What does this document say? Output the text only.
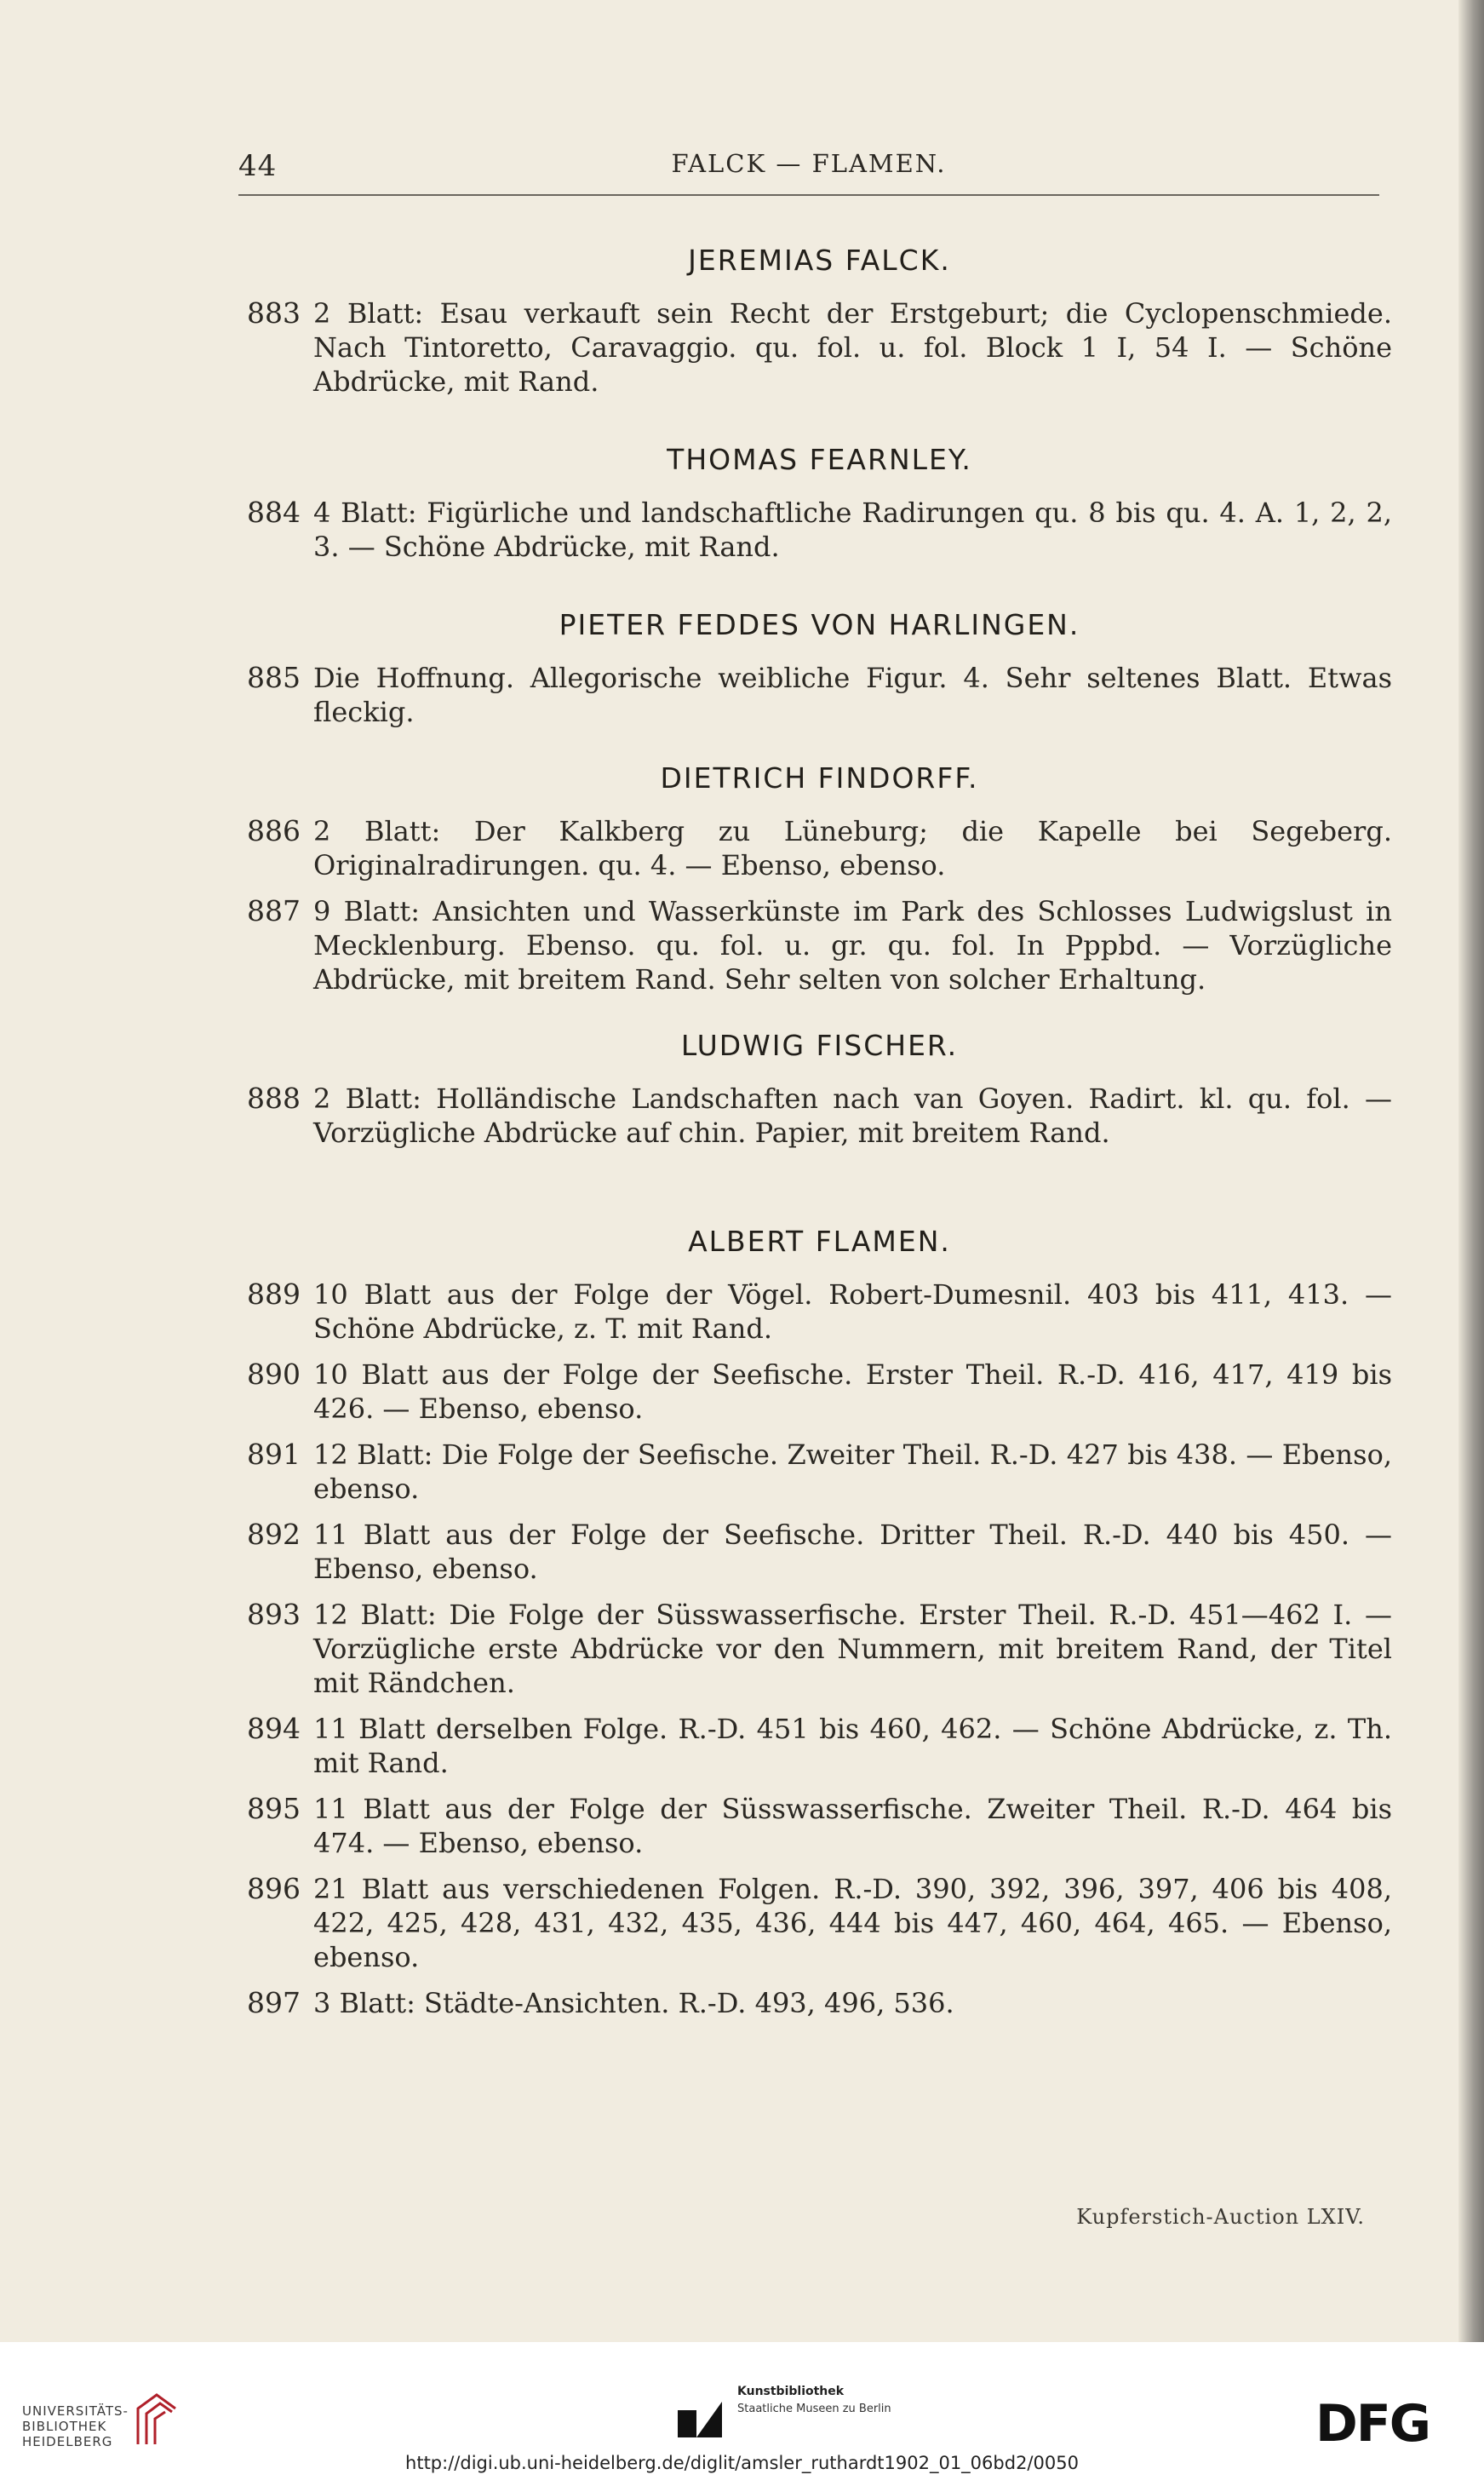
44	FALCK — FLAMEN.
JEREMIAS FALCK.
883 2 Blatt: Esau verkauft sein Recht der Erstgeburt; die Cyclopenschmiede. Nach Tintoretto, Caravaggio. qu. fol. u. fol. Block 1 I, 54 I. — Schöne Abdrücke, mit Rand.
THOMAS FEARNLEY.
884 4 Blatt: Figürliche und landschaftliche Radirungen qu. 8 bis qu. 4. A. 1, 2, 2, 3. — Schöne Abdrücke, mit Rand.
PIETER FEDDES VON HARLINGEN.
885 Die Hoffnung. Allegorische weibliche Figur. 4. Sehr seltenes Blatt. Etwas fleckig.
DIETRICH FINDORFF.
886 2 Blatt: Der Kalkberg zu Lüneburg; die Kapelle bei Segeberg. Originalradirungen. qu. 4. — Ebenso, ebenso.
887 9 Blatt: Ansichten und Wasserkünste im Park des Schlosses Ludwigslust in Mecklenburg. Ebenso. qu. fol. u. gr. qu. fol. In Pppbd. — Vorzügliche Abdrücke, mit breitem Rand. Sehr selten von solcher Erhaltung.
LUDWIG FISCHER.
888 2 Blatt: Holländische Landschaften nach van Goyen. Radirt. kl. qu. fol. — Vorzügliche Abdrücke auf chin. Papier, mit breitem Rand.
ALBERT FLAMEN.
889 10 Blatt aus der Folge der Vögel. Robert-Dumesnil. 403 bis 411, 413. — Schöne Abdrücke, z. T. mit Rand.
890 10 Blatt aus der Folge der Seefische. Erster Theil. R.-D. 416, 417, 419 bis 426. — Ebenso, ebenso.
891 12 Blatt: Die Folge der Seefische. Zweiter Theil. R.-D. 427 bis 438. — Ebenso, ebenso.
892 11 Blatt aus der Folge der Seefische. Dritter Theil. R.-D. 440 bis 450. — Ebenso, ebenso.
893 12 Blatt: Die Folge der Süsswasserfische. Erster Theil. R.-D. 451—462 I. — Vorzügliche erste Abdrücke vor den Nummern, mit breitem Rand, der Titel mit Rändchen.
894 11 Blatt derselben Folge. R.-D. 451 bis 460, 462. — Schöne Abdrücke, z. Th. mit Rand.
895 11 Blatt aus der Folge der Süsswasserfische. Zweiter Theil. R.-D. 464 bis 474. — Ebenso, ebenso.
896 21 Blatt aus verschiedenen Folgen. R.-D. 390, 392, 396, 397, 406 bis 408, 422, 425, 428, 431, 432, 435, 436, 444 bis 447, 460, 464, 465. — Ebenso, ebenso.
897 3 Blatt: Städte-Ansichten. R.-D. 493, 496, 536.
Kupferstich-Auction LXIV.
UNIVERSITÄTS-
BIBLIOTHEK
HEIDELBERG
Kunstbibliothek
Staatliche Museen zu Berlin	DFG
http://digi.ub.uni-heidelberg.de/diglit/amsler_ruthardt1902_01_06bd2/0050
